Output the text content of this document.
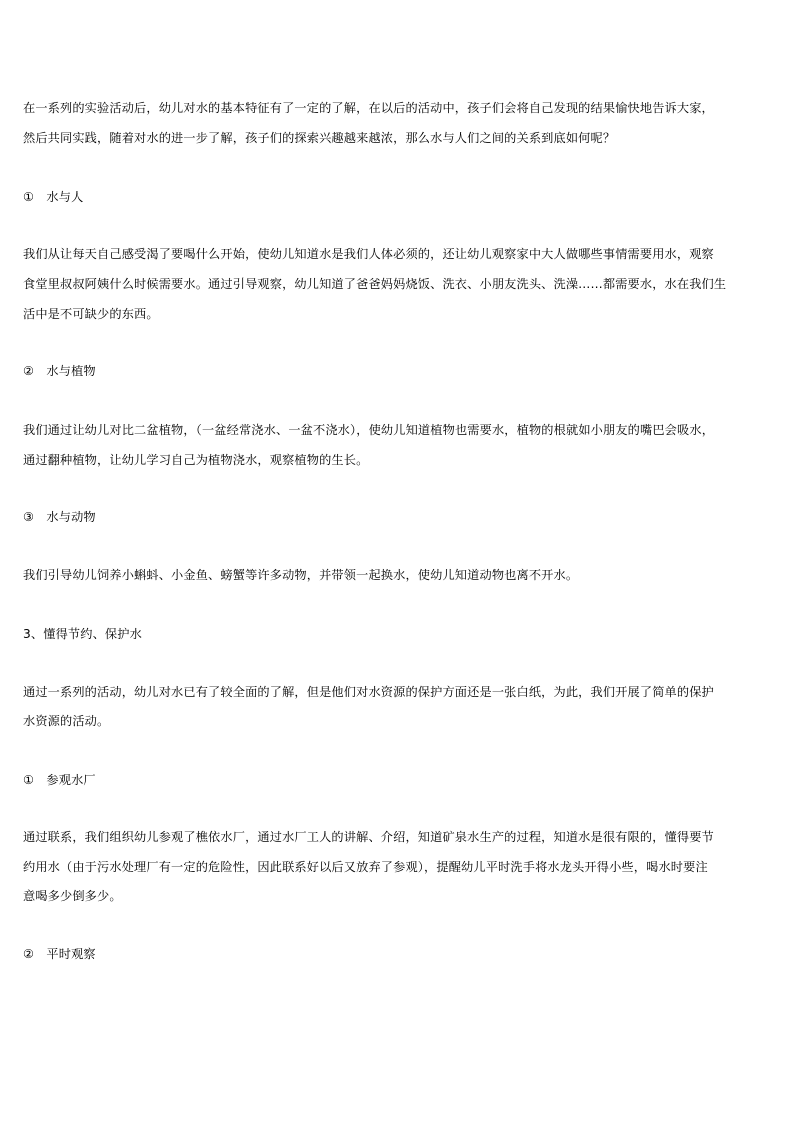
在一系列的实验活动后，幼儿对水的基本特征有了一定的了解，在以后的活动中，孩子们会将自己发现的结果愉快地告诉大家，
然后共同实践，随着对水的进一步了解，孩子们的探索兴趣越来越浓，那么水与人们之间的关系到底如何呢？
①　水与人
我们从让每天自己感受渴了要喝什么开始，使幼儿知道水是我们人体必须的，还让幼儿观察家中大人做哪些事情需要用水，观察
食堂里叔叔阿姨什么时候需要水。通过引导观察，幼儿知道了爸爸妈妈烧饭、洗衣、小朋友洗头、洗澡……都需要水，水在我们生
活中是不可缺少的东西。
②　水与植物
我们通过让幼儿对比二盆植物，（一盆经常浇水、一盆不浇水），使幼儿知道植物也需要水，植物的根就如小朋友的嘴巴会吸水，
通过翻种植物，让幼儿学习自己为植物浇水，观察植物的生长。
③　水与动物
我们引导幼儿饲养小蝌蚪、小金鱼、螃蟹等许多动物，并带领一起换水，使幼儿知道动物也离不开水。
3、懂得节约、保护水
通过一系列的活动，幼儿对水已有了较全面的了解，但是他们对水资源的保护方面还是一张白纸，为此，我们开展了简单的保护
水资源的活动。
①　参观水厂
通过联系，我们组织幼儿参观了樵依水厂，通过水厂工人的讲解、介绍，知道矿泉水生产的过程，知道水是很有限的，懂得要节
约用水（由于污水处理厂有一定的危险性，因此联系好以后又放弃了参观），提醒幼儿平时洗手将水龙头开得小些，喝水时要注
意喝多少倒多少。
②　平时观察
